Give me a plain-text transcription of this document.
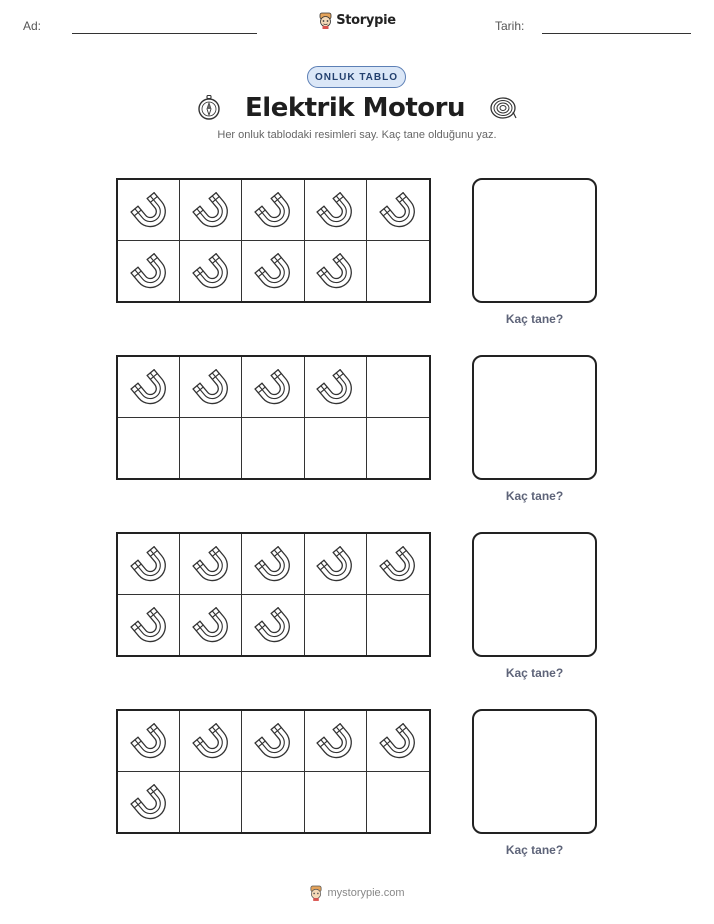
Ad:	Storypie	Tarih:
ONLUK TABLO
Elektrik Motoru
Her onluk tablodaki resimleri say. Kaç tane olduğunu yaz.
Kaç tane?
Kaç tane?
Kaç tane?
Kaç tane?
mystorypie.com
